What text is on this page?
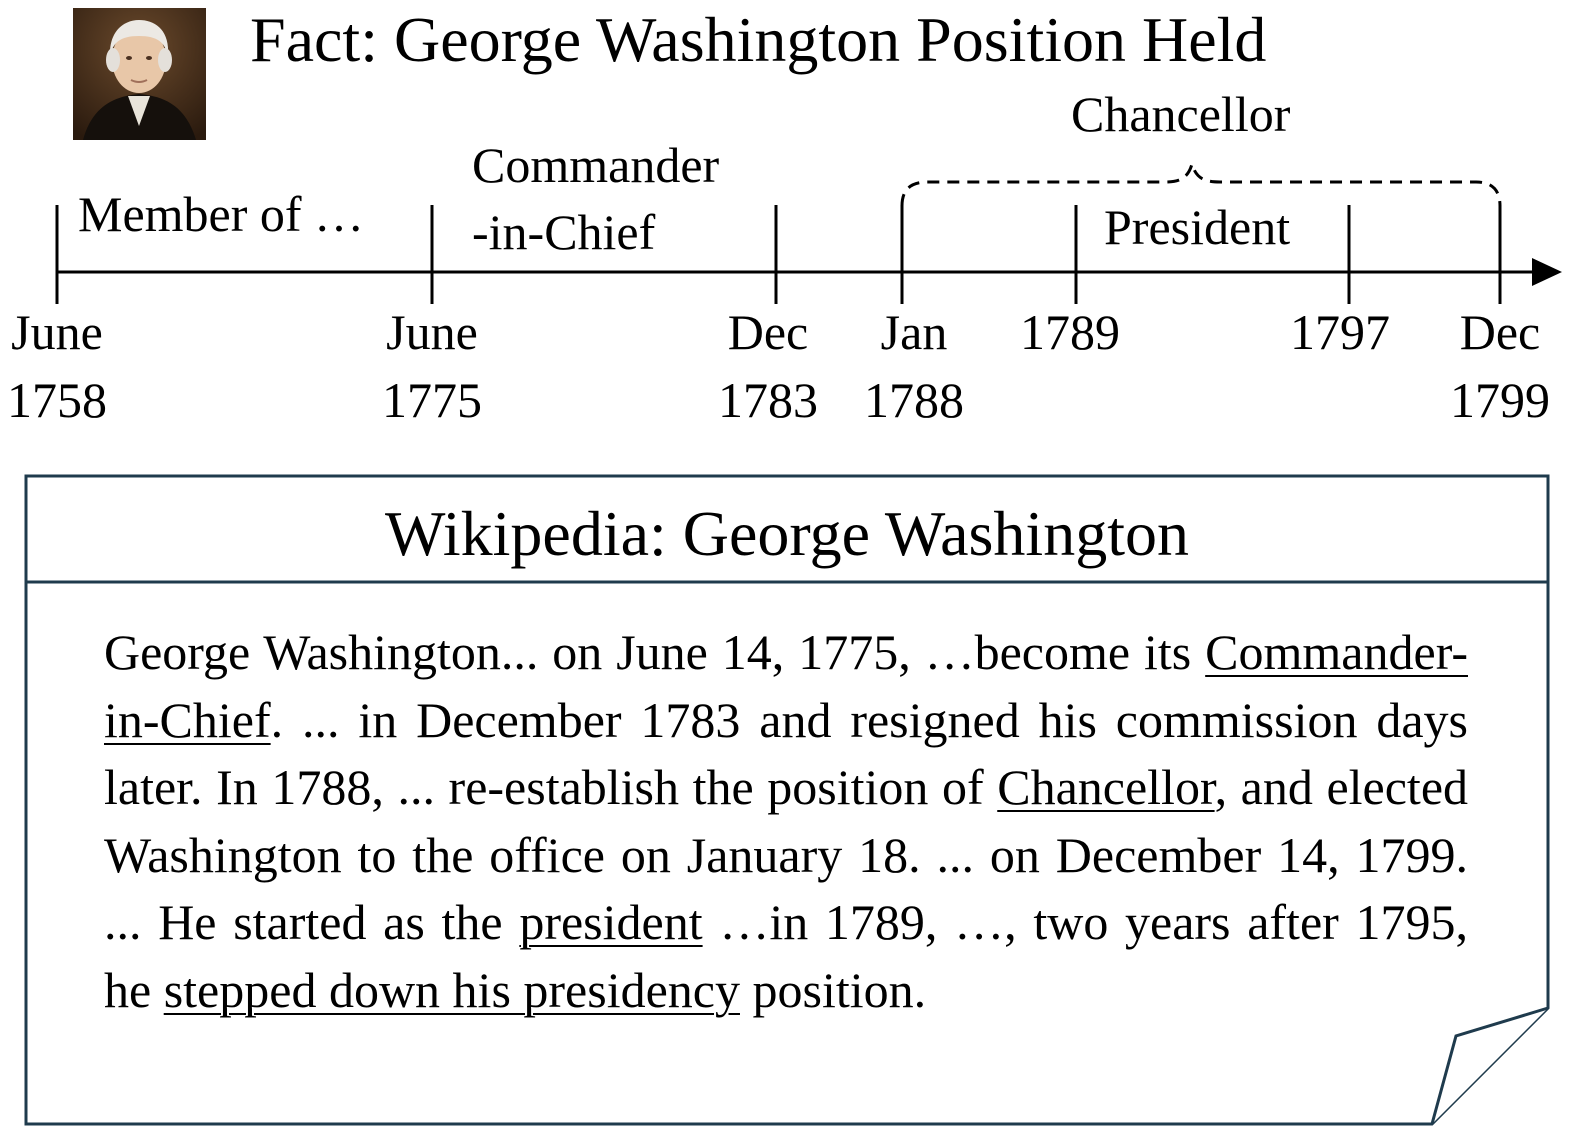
Fact: George Washington Position Held
Member of …
Commander
-in-Chief	President
Chancellor
June
1758
June
1775
Dec
1783
Jan
1788
1789	1797	Dec
1799
Wikipedia: George Washington
George Washington... on June 14, 1775, …become its Commander-in-Chief. ... in December 1783 and resigned his commission days later. In 1788, ... re-establish the position of Chancellor, and elected Washington to the office on January 18. ... on December 14, 1799. ... He started as the president …in 1789, …, two years after 1795, he stepped down his presidency position.
